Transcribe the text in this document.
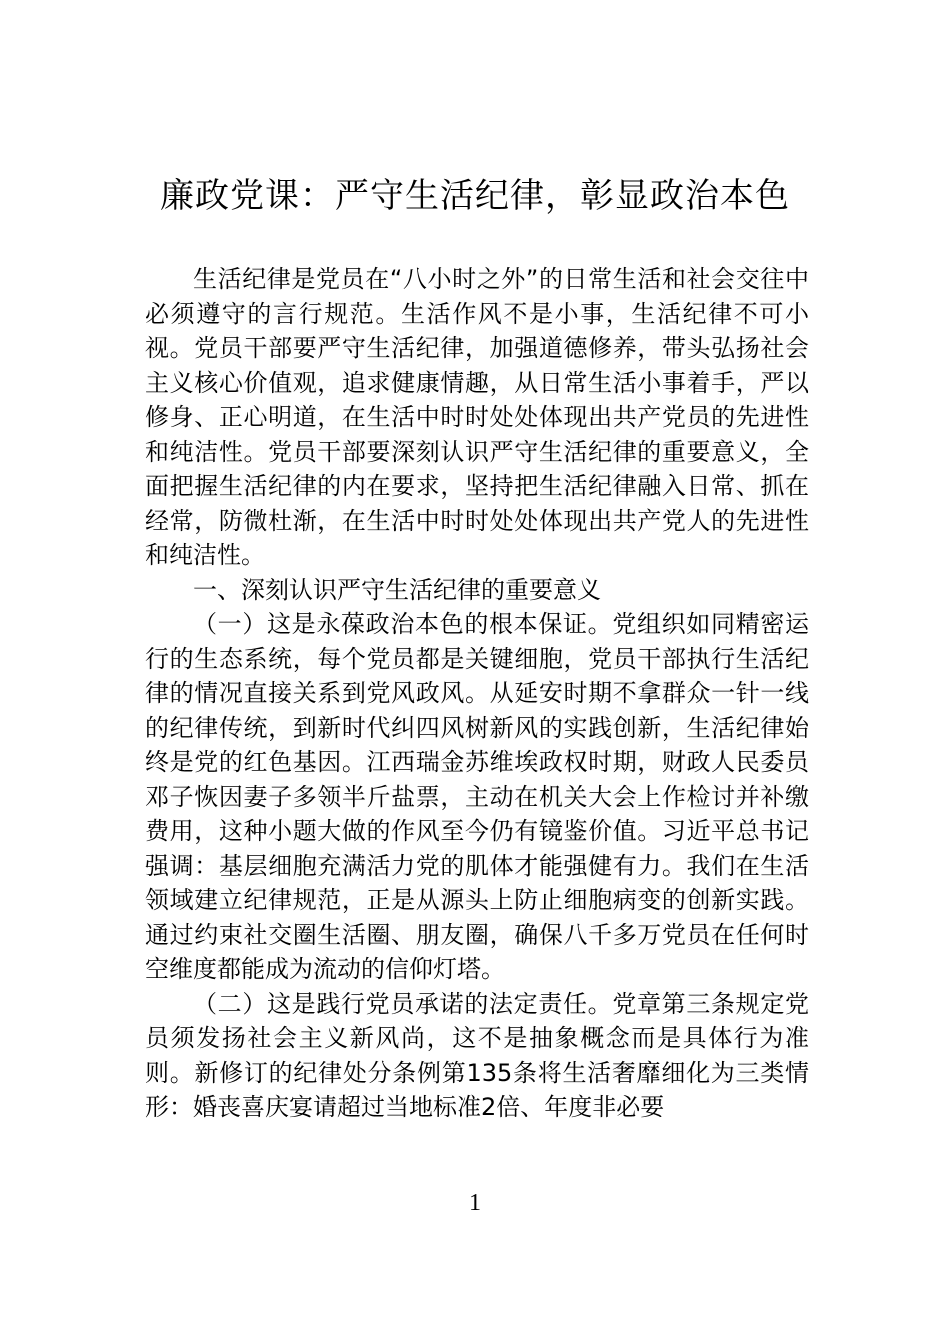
廉政党课：严守生活纪律，彰显政治本色

生活纪律是党员在“八小时之外”的日常生活和社会交往中必须遵守的言行规范。生活作风不是小事，生活纪律不可小视。党员干部要严守生活纪律，加强道德修养，带头弘扬社会主义核心价值观，追求健康情趣，从日常生活小事着手，严以修身、正心明道，在生活中时时处处体现出共产党员的先进性和纯洁性。党员干部要深刻认识严守生活纪律的重要意义，全面把握生活纪律的内在要求，坚持把生活纪律融入日常、抓在经常，防微杜渐，在生活中时时处处体现出共产党人的先进性和纯洁性。

一、深刻认识严守生活纪律的重要意义

（一）这是永葆政治本色的根本保证。党组织如同精密运行的生态系统，每个党员都是关键细胞，党员干部执行生活纪律的情况直接关系到党风政风。从延安时期不拿群众一针一线的纪律传统，到新时代纠四风树新风的实践创新，生活纪律始终是党的红色基因。江西瑞金苏维埃政权时期，财政人民委员邓子恢因妻子多领半斤盐票，主动在机关大会上作检讨并补缴费用，这种小题大做的作风至今仍有镜鉴价值。习近平总书记强调：基层细胞充满活力党的肌体才能强健有力。我们在生活领域建立纪律规范，正是从源头上防止细胞病变的创新实践。通过约束社交圈生活圈、朋友圈，确保八千多万党员在任何时空维度都能成为流动的信仰灯塔。

（二）这是践行党员承诺的法定责任。党章第三条规定党员须发扬社会主义新风尚，这不是抽象概念而是具体行为准则。新修订的纪律处分条例第135条将生活奢靡细化为三类情形：婚丧喜庆宴请超过当地标准2倍、年度非必要

1
